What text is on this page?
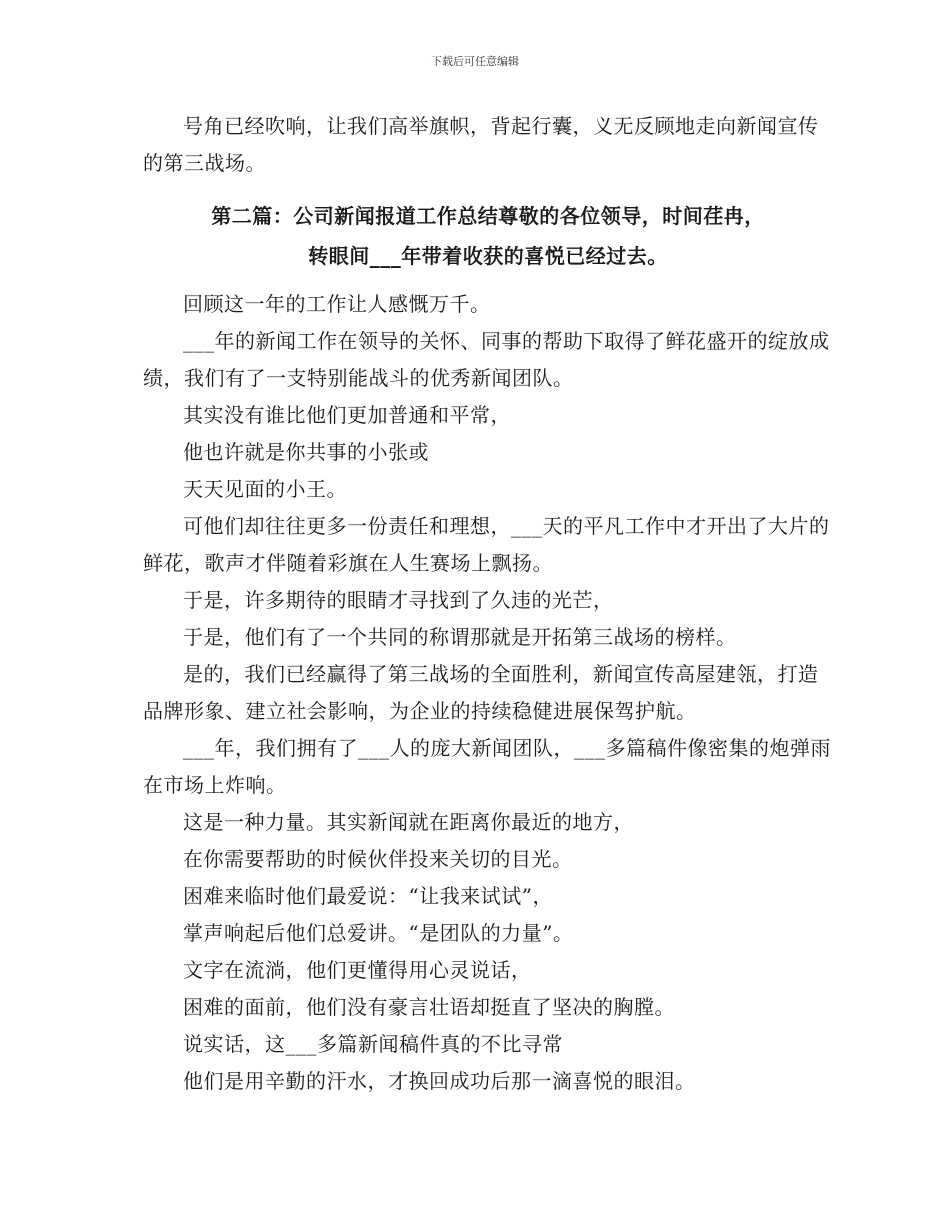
下载后可任意编辑

号角已经吹响，让我们高举旗帜，背起行囊，义无反顾地走向新闻宣传的第三战场。

第二篇：公司新闻报道工作总结尊敬的各位领导，时间荏冉，
转眼间___年带着收获的喜悦已经过去。

回顾这一年的工作让人感慨万千。

___年的新闻工作在领导的关怀、同事的帮助下取得了鲜花盛开的绽放成绩，我们有了一支特别能战斗的优秀新闻团队。

其实没有谁比他们更加普通和平常，

他也许就是你共事的小张或

天天见面的小王。

可他们却往往更多一份责任和理想，___天的平凡工作中才开出了大片的鲜花，歌声才伴随着彩旗在人生赛场上飘扬。

于是，许多期待的眼睛才寻找到了久违的光芒，

于是，他们有了一个共同的称谓那就是开拓第三战场的榜样。

是的，我们已经赢得了第三战场的全面胜利，新闻宣传高屋建瓴，打造品牌形象、建立社会影响，为企业的持续稳健进展保驾护航。

___年，我们拥有了___人的庞大新闻团队，___多篇稿件像密集的炮弹雨在市场上炸响。

这是一种力量。其实新闻就在距离你最近的地方，

在你需要帮助的时候伙伴投来关切的目光。

困难来临时他们最爱说：“让我来试试”，

掌声响起后他们总爱讲。“是团队的力量”。

文字在流淌，他们更懂得用心灵说话，

困难的面前，他们没有豪言壮语却挺直了坚决的胸膛。

说实话，这___多篇新闻稿件真的不比寻常

他们是用辛勤的汗水，才换回成功后那一滴喜悦的眼泪。
